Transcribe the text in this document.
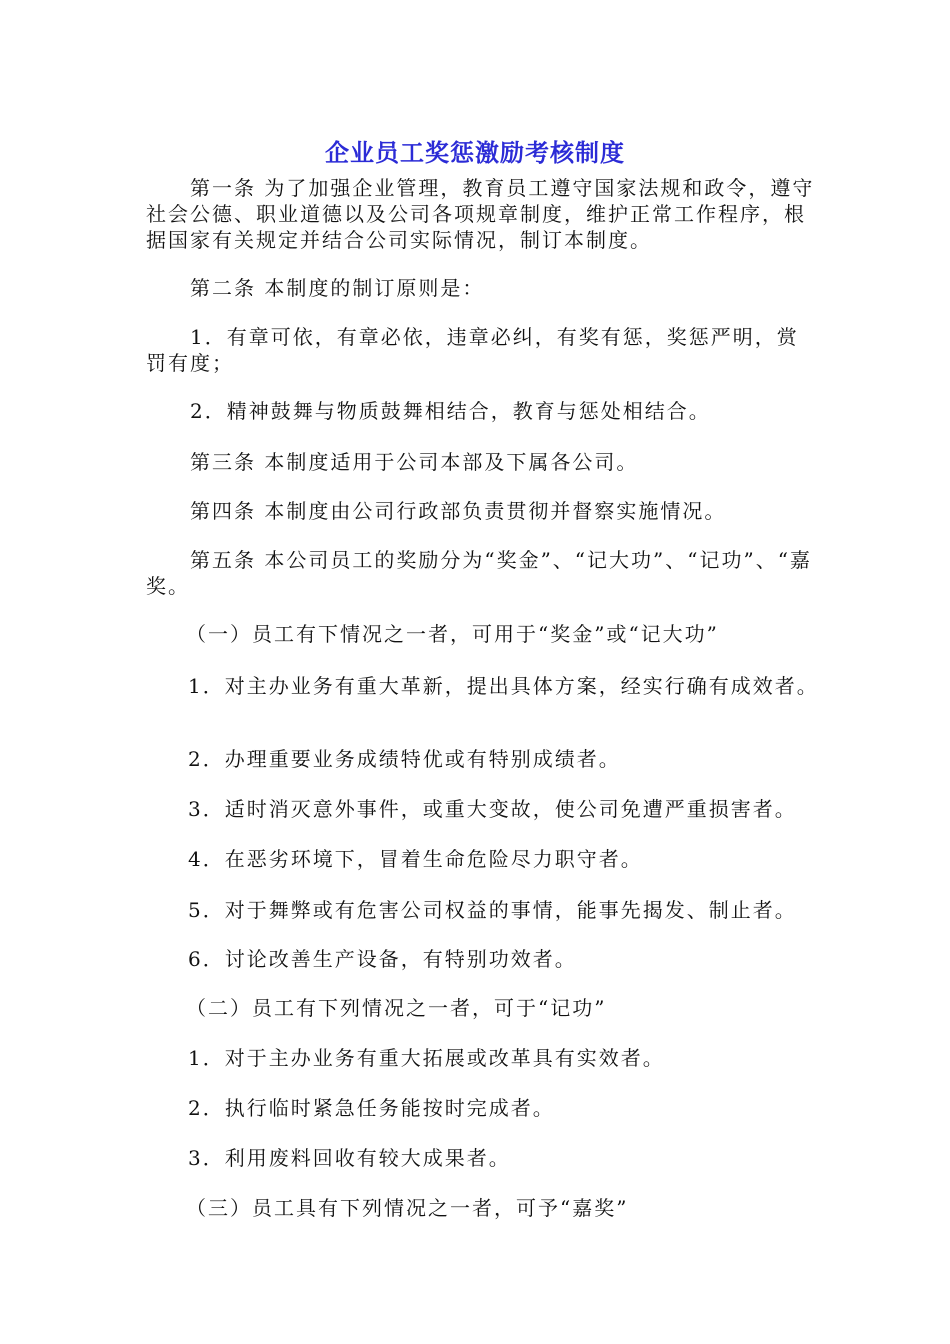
企业员工奖惩激励考核制度
第一条 为了加强企业管理，教育员工遵守国家法规和政令，遵守社会公德、职业道德以及公司各项规章制度，维护正常工作程序，根据国家有关规定并结合公司实际情况，制订本制度。
第二条 本制度的制订原则是：
1．有章可依，有章必依，违章必纠，有奖有惩，奖惩严明，赏罚有度；
2．精神鼓舞与物质鼓舞相结合，教育与惩处相结合。
第三条 本制度适用于公司本部及下属各公司。
第四条 本制度由公司行政部负责贯彻并督察实施情况。
第五条 本公司员工的奖励分为“奖金”、“记大功”、“记功”、“嘉奖。
（一）员工有下情况之一者，可用于“奖金”或“记大功”
1．对主办业务有重大革新，提出具体方案，经实行确有成效者。
2．办理重要业务成绩特优或有特别成绩者。
3．适时消灭意外事件，或重大变故，使公司免遭严重损害者。
4．在恶劣环境下，冒着生命危险尽力职守者。
5．对于舞弊或有危害公司权益的事情，能事先揭发、制止者。
6．讨论改善生产设备，有特别功效者。
（二）员工有下列情况之一者，可于“记功”
1．对于主办业务有重大拓展或改革具有实效者。
2．执行临时紧急任务能按时完成者。
3．利用废料回收有较大成果者。
（三）员工具有下列情况之一者，可予“嘉奖”
